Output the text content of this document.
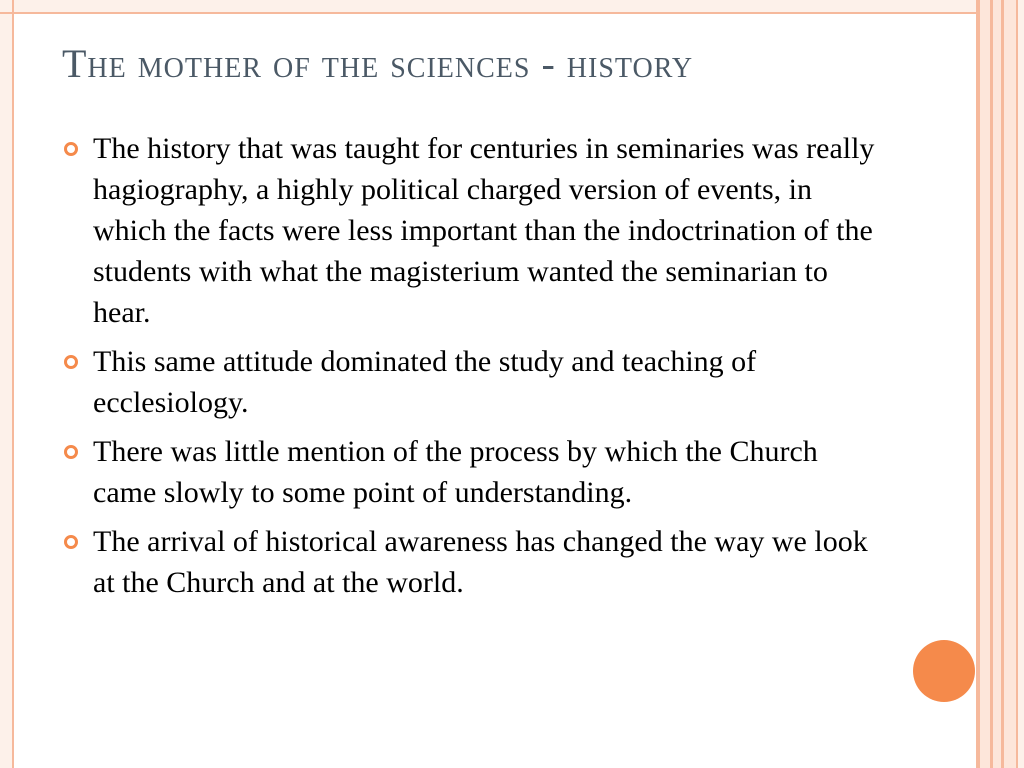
The mother of the sciences - history
The history that was taught for centuries in seminaries was really hagiography, a highly political charged version of events, in which the facts were less important than the indoctrination of the students with what the magisterium wanted the seminarian to hear.
This same attitude dominated the study and teaching of ecclesiology.
There was little mention of the process by which the Church came slowly to some point of understanding.
The arrival of historical awareness has changed the way we look at the Church and at the world.
